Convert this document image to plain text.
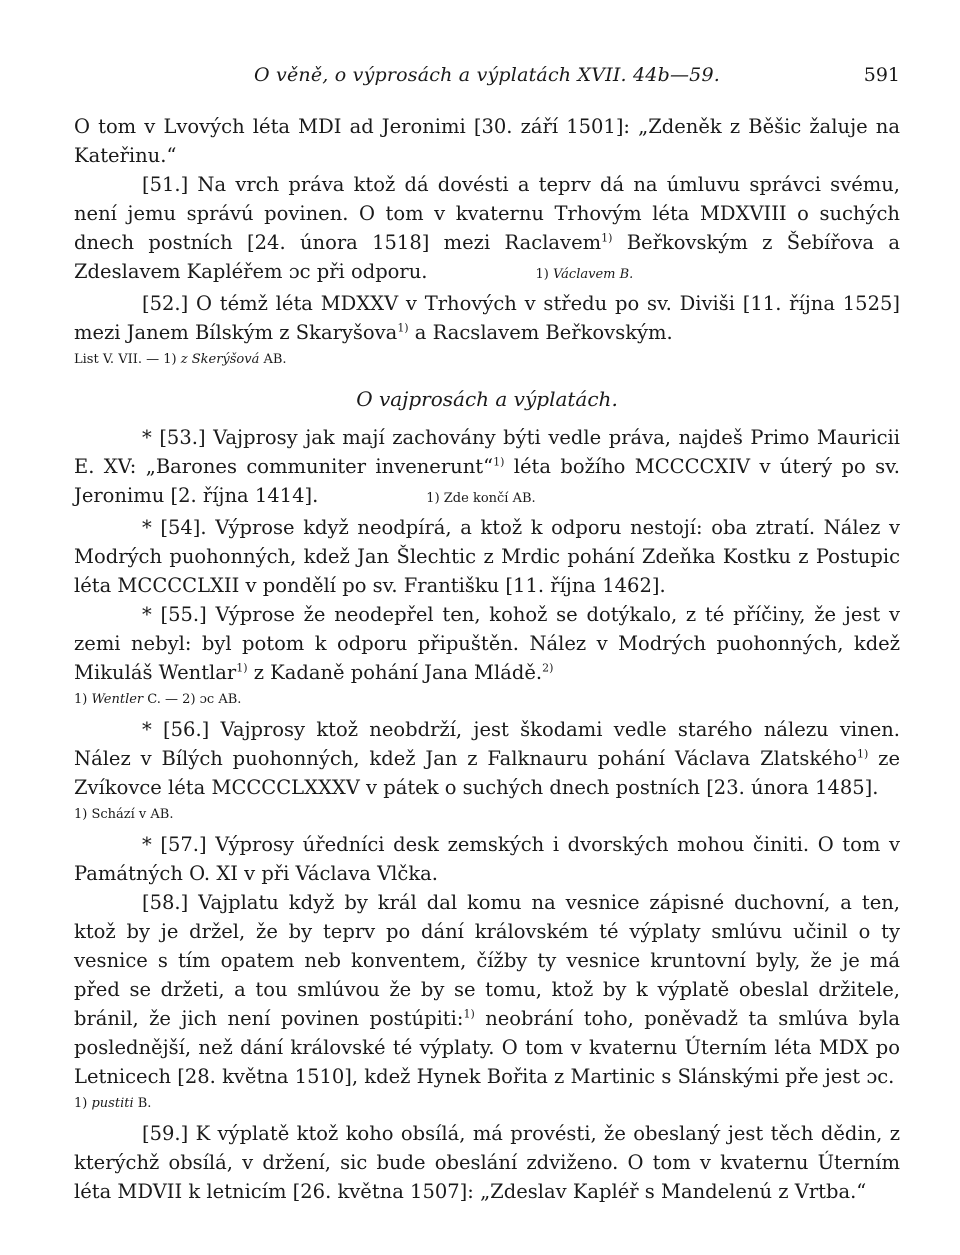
O věně, o výprosách a výplatách XVII. 44b—59.	591

O tom v Lvových léta MDI ad Jeronimi [30. září 1501]: „Zdeněk z Běšic žaluje na Kateřinu.“

[51.] Na vrch práva ktož dá dovésti a teprv dá na úmluvu správci svému, není jemu správú povinen. O tom v kvaternu Trhovým léta MDXVIII o suchých dnech postních [24. února 1518] mezi Raclavem$^{1)}$ Beřkovským z Šebířova a Zdeslavem Kapléřem ɔc při odporu.	1) Václavem B.

[52.] O témž léta MDXXV v Trhových v středu po sv. Diviši [11. října 1525] mezi Janem Bílským z Skaryšova$^{1)}$ a Racslavem Beřkovským.

List V. VII. — 1) z Skerýšová AB.
O vajprosách a výplatách.

* [53.] Vajprosy jak mají zachovány býti vedle práva, najdeš Primo Mauricii E. XV: „Barones communiter invenerunt“$^{1)}$ léta božího MCCCCXIV v úterý po sv. Jeronimu [2. října 1414].	1) Zde končí AB.

* [54]. Výprose když neodpírá, a ktož k odporu nestojí: oba ztratí. Nález v Modrých puohonných, kdež Jan Šlechtic z Mrdic pohání Zdeňka Kostku z Postupic léta MCCCCLXII v pondělí po sv. Františku [11. října 1462].

* [55.] Výprose že neodepřel ten, kohož se dotýkalo, z té příčiny, že jest v zemi nebyl: byl potom k odporu připuštěn. Nález v Modrých puohonných, kdež Mikuláš Wentlar$^{1)}$ z Kadaně pohání Jana Mládě.$^{2)}$

1) Wentler C. — 2) ɔc AB.

* [56.] Vajprosy ktož neobdrží, jest škodami vedle starého nálezu vinen. Nález v Bílých puohonných, kdež Jan z Falknauru pohání Václava Zlatského$^{1)}$ ze Zvíkovce léta MCCCCLXXXV v pátek o suchých dnech postních [23. února 1485].

1) Schází v AB.

* [57.] Výprosy úředníci desk zemských i dvorských mohou činiti. O tom v Památných O. XI v při Václava Vlčka.

[58.] Vajplatu když by král dal komu na vesnice zápisné duchovní, a ten, ktož by je držel, že by teprv po dání královském té výplaty smlúvu učinil o ty vesnice s tím opatem neb konventem, čížby ty vesnice kruntovní byly, že je má před se držeti, a tou smlúvou že by se tomu, ktož by k výplatě obeslal držitele, bránil, že jich není povinen postúpiti:$^{1)}$ neobrání toho, poněvadž ta smlúva byla poslednější, než dání královské té výplaty. O tom v kvaternu Úterním léta MDX po Letnicech [28. května 1510], kdež Hynek Bořita z Martinic s Slánskými pře jest ɔc.

1) pustiti B.

[59.] K výplatě ktož koho obsílá, má provésti, že obeslaný jest těch dědin, z kterýchž obsílá, v držení, sic bude obeslání zdviženo. O tom v kvaternu Úterním léta MDVII k letnicím [26. května 1507]: „Zdeslav Kapléř s Mandelenú z Vrtba.“
